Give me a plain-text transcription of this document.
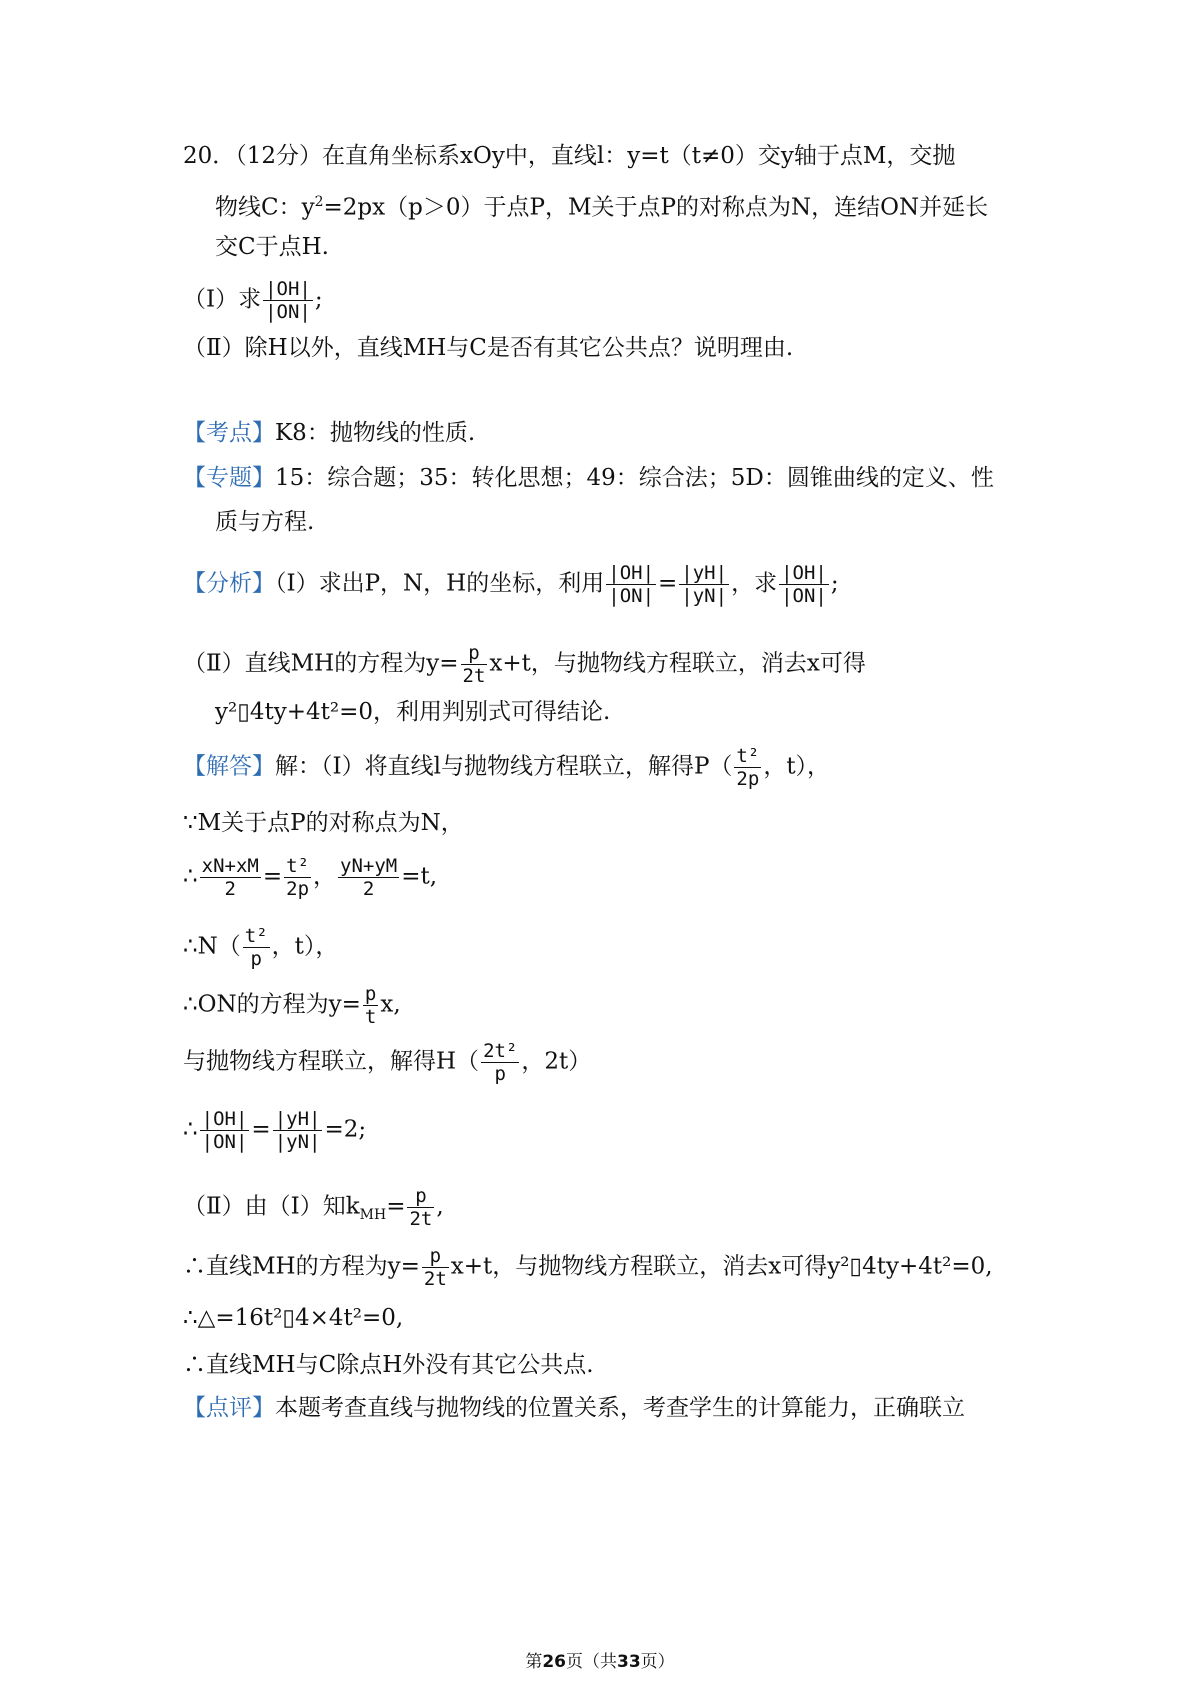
20．（12分）在直角坐标系xOy中，直线l：y=t（t≠0）交y轴于点M，交抛
物线C：$y^2=2px(p>0)$于点P，M关于点P的对称点为N，连结ON并延长
交C于点H.
（Ⅰ）求 $\frac{|OH|}{|ON|}$ ;
（Ⅱ）除H以外，直线MH与C是否有其它公共点？说明理由.
【考点】K8：抛物线的性质.
【专题】15：综合题；35：转化思想；49：综合法；5D：圆锥曲线的定义、性
质与方程.
【分析】（Ⅰ）求出P，N，H的坐标，利用 $\frac{|OH|}{|ON|} = \frac{|yH|}{|yN|}$ ，求 $\frac{|OH|}{|ON|}$ ;
（Ⅱ）直线MH的方程为$y= \frac{p}{2t} x+t$，与抛物线方程联立，消去x可得
y²▯4ty+4t²=0，利用判别式可得结论.
【解答】解：（Ⅰ）将直线l与抛物线方程联立，解得$P( \frac{\text{t²}}{2p}$ ，t），
∵M关于点P的对称点为N，
∴ $\frac{xN+xM}{2} = \frac{\text{t²}}{2p}$ ， $\frac{yN+yM}{2} =t$,
∴N（ $\frac{\text{t²}}{p}$ ，t），
∴ON的方程为$y= \frac{p}{t} x$,
与抛物线方程联立，解得$H( \frac{\text{2t²}}{p}$ ，2t）
∴ $\frac{|OH|}{|ON|} = \frac{|yH|}{|yN|} =2$;
（Ⅱ）由（Ⅰ）知$k_{MH}= \frac{p}{2t}$ ,
∴直线MH的方程为$y= \frac{p}{2t} x+t$，与抛物线方程联立，消去x可得y²▯4ty+4t²=0,
∴△=16t²▯4×4t²=0,
∴直线MH与C除点H外没有其它公共点.
【点评】本题考查直线与抛物线的位置关系，考查学生的计算能力，正确联立
第26页（共33页）
